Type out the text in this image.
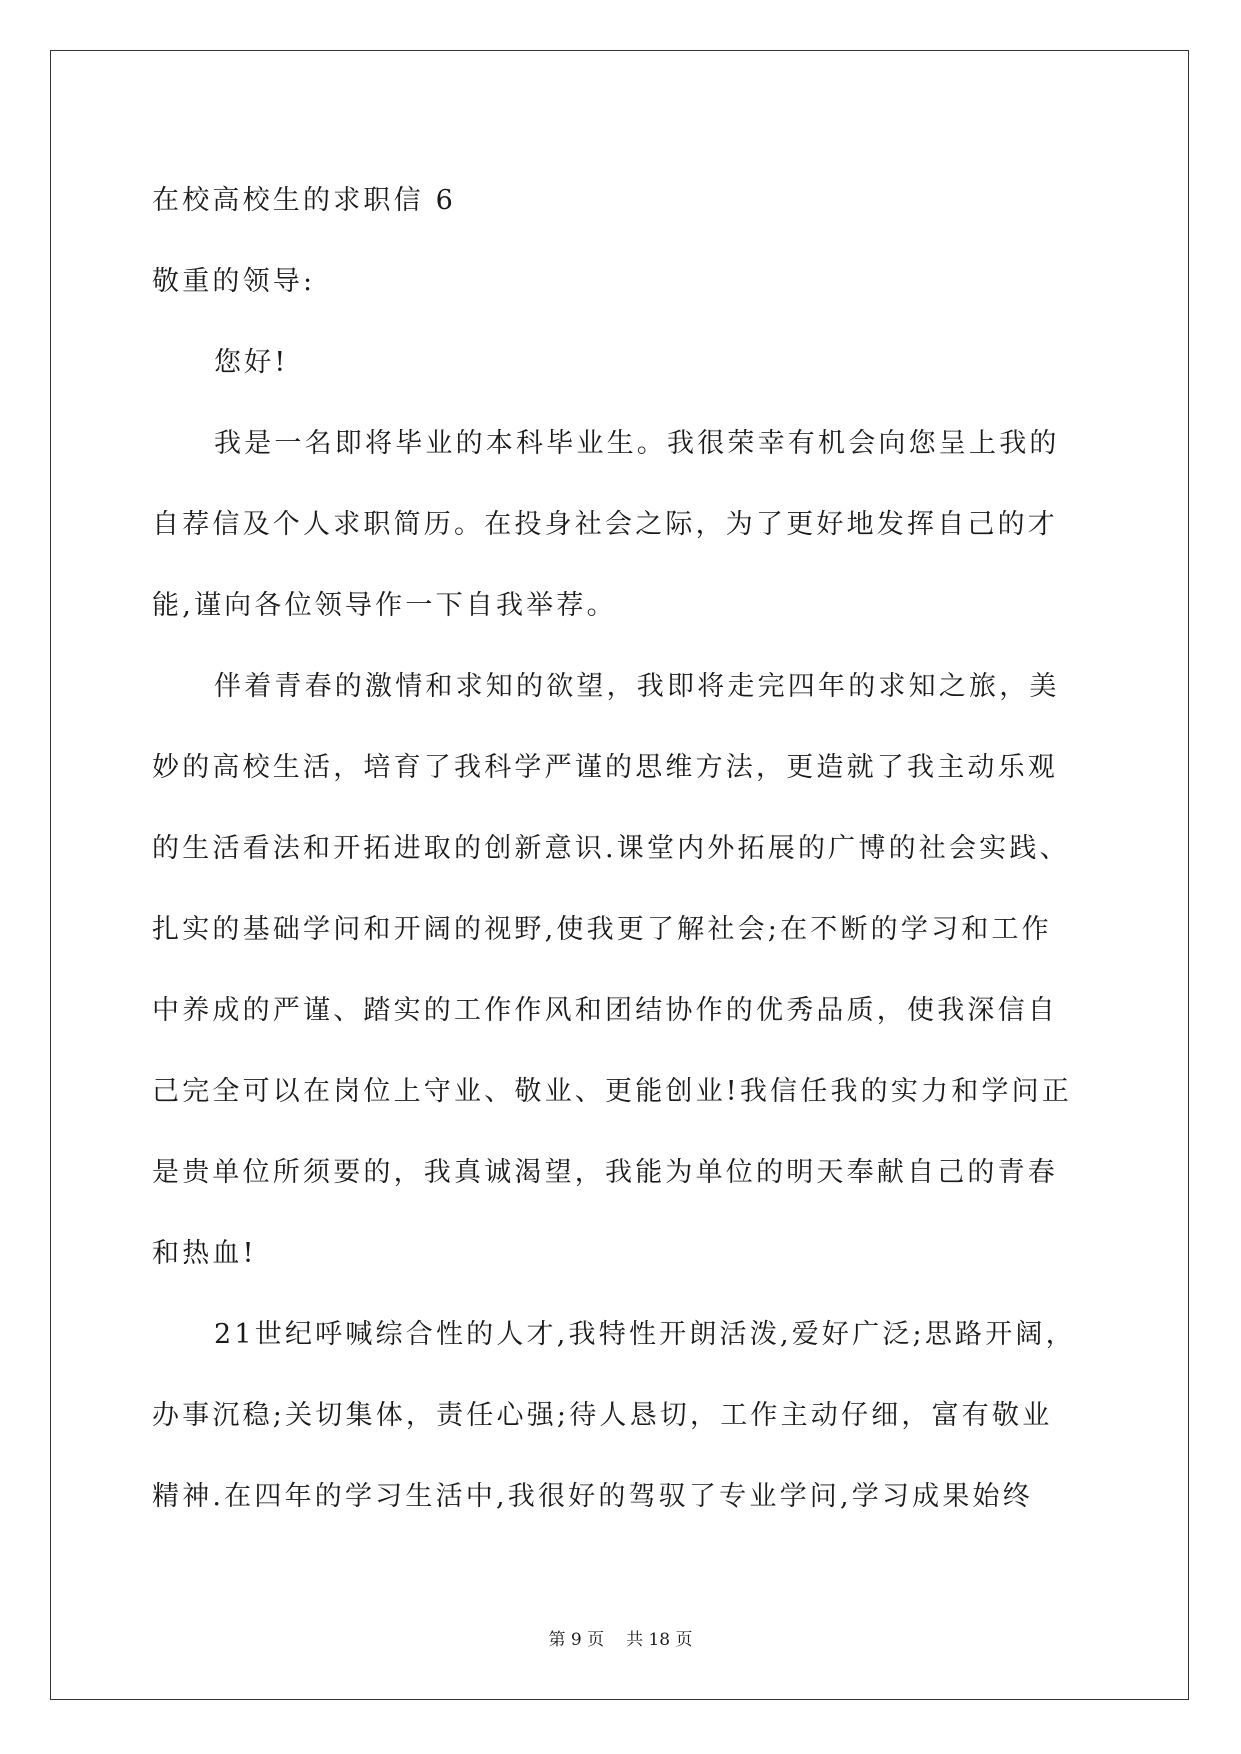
在校高校生的求职信 6
敬重的领导:
您好!
我是一名即将毕业的本科毕业生。我很荣幸有机会向您呈上我的
自荐信及个人求职简历。在投身社会之际，为了更好地发挥自己的才
能,谨向各位领导作一下自我举荐。
伴着青春的激情和求知的欲望，我即将走完四年的求知之旅，美
妙的高校生活，培育了我科学严谨的思维方法，更造就了我主动乐观
的生活看法和开拓进取的创新意识.课堂内外拓展的广博的社会实践、
扎实的基础学问和开阔的视野,使我更了解社会;在不断的学习和工作
中养成的严谨、踏实的工作作风和团结协作的优秀品质，使我深信自
己完全可以在岗位上守业、敬业、更能创业!我信任我的实力和学问正
是贵单位所须要的，我真诚渴望，我能为单位的明天奉献自己的青春
和热血!
21世纪呼喊综合性的人才,我特性开朗活泼,爱好广泛;思路开阔，
办事沉稳;关切集体，责任心强;待人恳切，工作主动仔细，富有敬业
精神.在四年的学习生活中,我很好的驾驭了专业学问,学习成果始终
第 9 页 共 18 页
